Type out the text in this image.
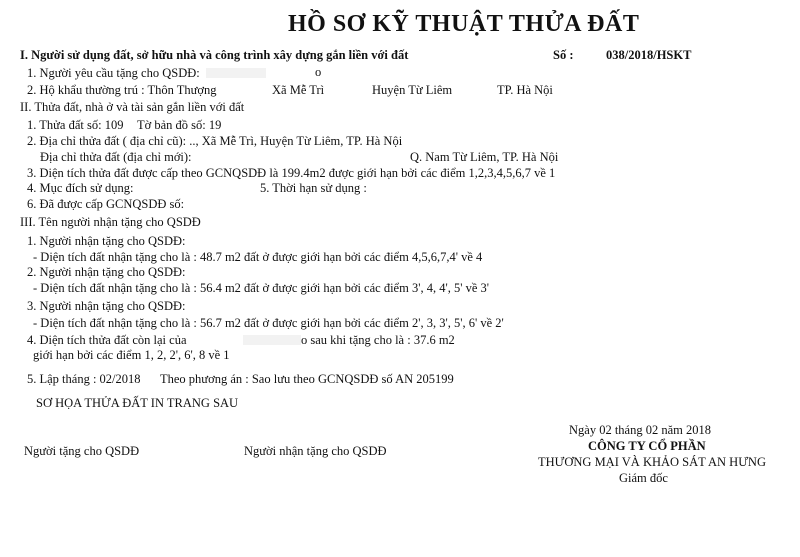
HỒ SƠ KỸ THUẬT THỬA ĐẤT
I. Người sử dụng đất, sở hữu nhà và công trình xây dựng gắn liền với đất	Số :	038/2018/HSKT
1. Người yêu cầu tặng cho QSDĐ:	o
2. Hộ khẩu thường trú : Thôn Thượng	Xã Mễ Trì	Huyện Từ Liêm	TP. Hà Nội
II. Thửa đất, nhà ở và tài sản gắn liền với đất
1. Thửa đất số: 109 Tờ bản đồ số: 19
2. Địa chỉ thửa đất ( địa chỉ cũ): .., Xã Mễ Trì, Huyện Từ Liêm, TP. Hà Nội
Địa chỉ thửa đất (địa chỉ mới):	Q. Nam Từ Liêm, TP. Hà Nội
3. Diện tích thửa đất được cấp theo GCNQSDĐ là 199.4m2 được giới hạn bởi các điểm 1,2,3,4,5,6,7 về 1
4. Mục đích sử dụng:	5. Thời hạn sử dụng :
6. Đã được cấp GCNQSDĐ số:
III. Tên người nhận tặng cho QSDĐ
1. Người nhận tặng cho QSDĐ:
- Diện tích đất nhận tặng cho là : 48.7 m2 đất ở được giới hạn bởi các điểm 4,5,6,7,4' về 4
2. Người nhận tặng cho QSDĐ:
- Diện tích đất nhận tặng cho là : 56.4 m2 đất ở được giới hạn bởi các điểm 3', 4, 4', 5' về 3'
3. Người nhận tặng cho QSDĐ:
- Diện tích đất nhận tặng cho là : 56.7 m2 đất ở được giới hạn bởi các điểm 2', 3, 3', 5', 6' về 2'
4. Diện tích thửa đất còn lại của	o sau khi tặng cho là : 37.6 m2
giới hạn bởi các điểm 1, 2, 2', 6', 8 về 1
5. Lập tháng : 02/2018 Theo phương án : Sao lưu theo GCNQSDĐ số AN 205199
SƠ HỌA THỬA ĐẤT IN TRANG SAU
Ngày 02 tháng 02 năm 2018
CÔNG TY CỔ PHẦN
THƯƠNG MẠI VÀ KHẢO SÁT AN HƯNG
Giám đốc
Người tặng cho QSDĐ	Người nhận tặng cho QSDĐ
